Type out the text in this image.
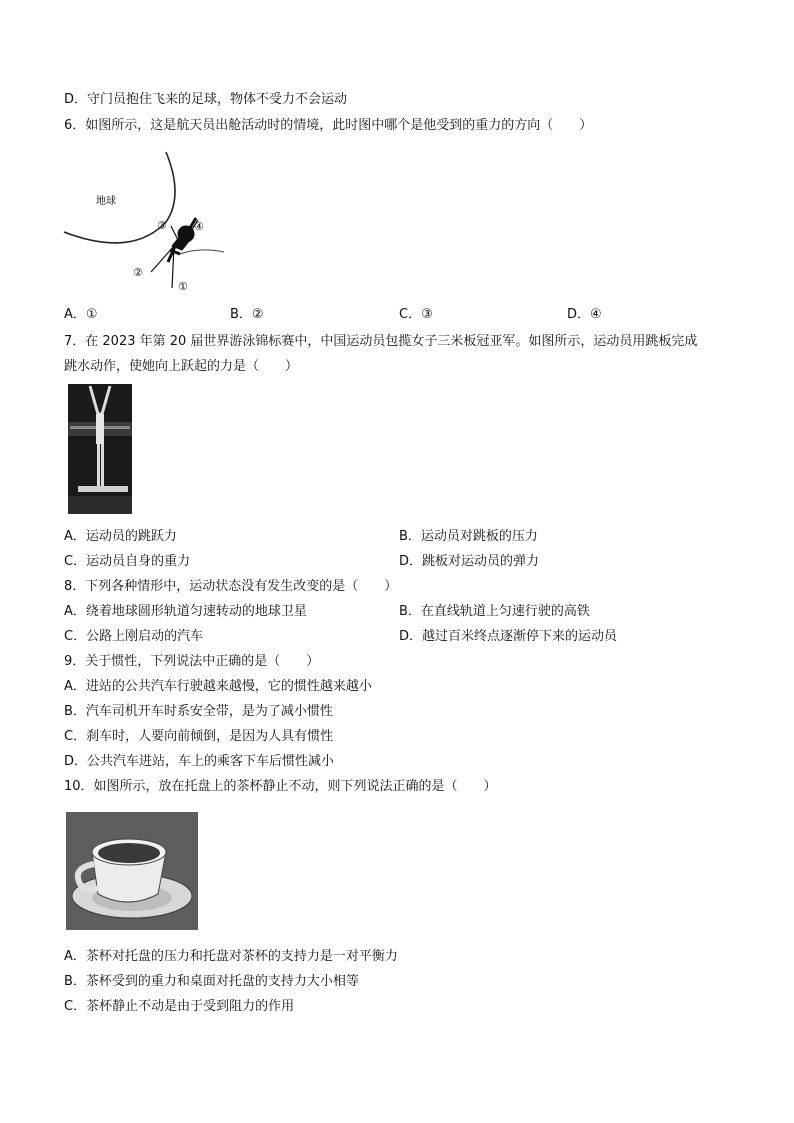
D．守门员抱住飞来的足球，物体不受力不会运动
6．如图所示，这是航天员出舱活动时的情境，此时图中哪个是他受到的重力的方向（　　）
地球
③ ④
②
①
A．①	B．②	C．③	D．④
7．在 2023 年第 20 届世界游泳锦标赛中，中国运动员包揽女子三米板冠亚军。如图所示，运动员用跳板完成
跳水动作，使她向上跃起的力是（　　）
A．运动员的跳跃力	B．运动员对跳板的压力
C．运动员自身的重力	D．跳板对运动员的弹力
8．下列各种情形中，运动状态没有发生改变的是（　　）
A．绕着地球圆形轨道匀速转动的地球卫星	B．在直线轨道上匀速行驶的高铁
C．公路上刚启动的汽车	D．越过百米终点逐渐停下来的运动员
9．关于惯性，下列说法中正确的是（　　）
A．进站的公共汽车行驶越来越慢，它的惯性越来越小
B．汽车司机开车时系安全带，是为了减小惯性
C．刹车时，人要向前倾倒，是因为人具有惯性
D．公共汽车进站，车上的乘客下车后惯性减小
10．如图所示，放在托盘上的茶杯静止不动，则下列说法正确的是（　　）
A．茶杯对托盘的压力和托盘对茶杯的支持力是一对平衡力
B．茶杯受到的重力和桌面对托盘的支持力大小相等
C．茶杯静止不动是由于受到阻力的作用
